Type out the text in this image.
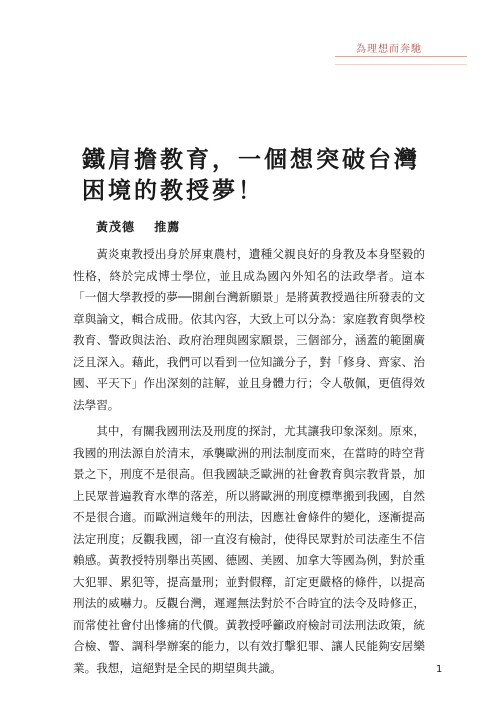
為理想而奔馳
鐵肩擔教育，一個想突破台灣困境的教授夢！
黃茂德 推薦

黃炎東教授出身於屏東農村，遺種父親良好的身教及本身堅毅的性格，終於完成博士學位，並且成為國內外知名的法政學者。這本「一個大學教授的夢──開創台灣新願景」是將黃教授過往所發表的文章與論文，輯合成冊。依其內容，大致上可以分為：家庭教育與學校教育、警政與法治、政府治理與國家願景，三個部分，涵蓋的範圍廣泛且深入。藉此，我們可以看到一位知識分子，對「修身、齊家、治國、平天下」作出深刻的註解，並且身體力行；令人敬佩，更值得效法學習。

其中，有關我國刑法及刑度的探討，尤其讓我印象深刻。原來，我國的刑法源自於清末，承襲歐洲的刑法制度而來，在當時的時空背景之下，刑度不是很高。但我國缺乏歐洲的社會教育與宗教背景，加上民眾普遍教育水準的落差，所以將歐洲的刑度標準搬到我國，自然不是很合適。而歐洲這幾年的刑法，因應社會條件的變化，逐漸提高法定刑度；反觀我國，卻一直沒有檢討，使得民眾對於司法產生不信賴感。黃教授特別舉出英國、德國、美國、加拿大等國為例，對於重大犯罪、累犯等，提高量刑；並對假釋，訂定更嚴格的條件，以提高刑法的威嚇力。反觀台灣，遲遲無法對於不合時宜的法令及時修正，而常使社會付出慘痛的代價。黃教授呼籲政府檢討司法刑法政策，統合檢、警、調科學辦案的能力，以有效打擊犯罪、讓人民能夠安居樂業。我想，這絕對是全民的期望與共識。	1
